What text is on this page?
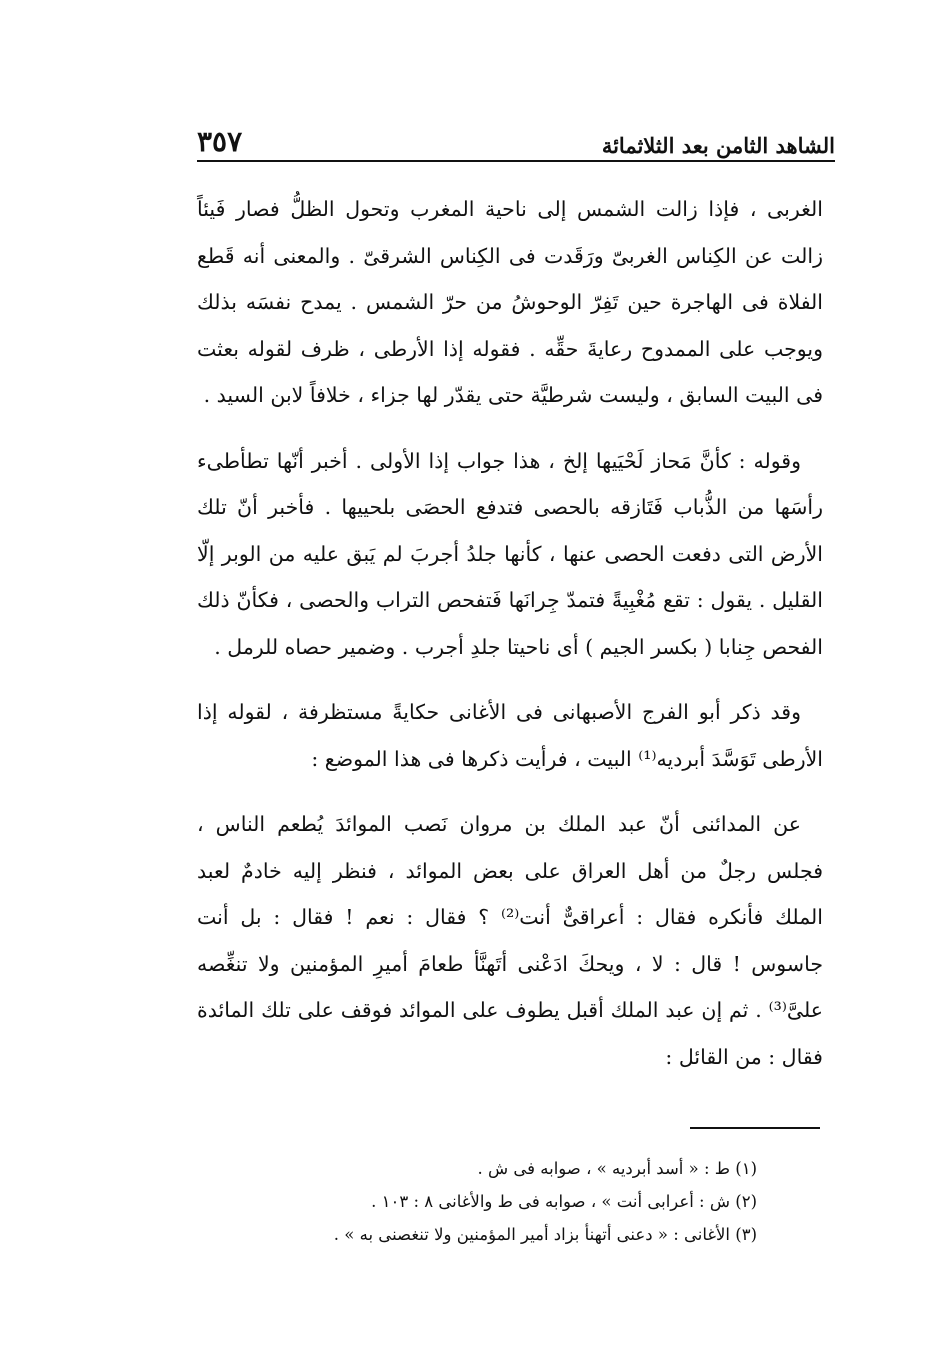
الشاهد الثامن بعد الثلاثمائة
٣٥٧

الغربى ، فإذا زالت الشمس إلى ناحية المغرب وتحول الظلُّ فصار فَيئاً زالت عن الكِناس الغربىّ ورَقَدت فى الكِناس الشرقىّ . والمعنى أنه قَطع الفلاة فى الهاجرة حين تَفِرّ الوحوشُ من حرّ الشمس . يمدح نفسَه بذلك ويوجب على الممدوح رعايةَ حقِّه . فقوله إذا الأرطى ، ظرف لقوله بعثت فى البيت السابق ، وليست شرطيَّة حتى يقدّر لها جزاء ، خلافاً لابن السيد .

وقوله : كأنَّ مَحاز لَحْيَيها إلخ ، هذا جواب إذا الأولى . أخبر أنّها تطأطىء رأسَها من الذُّباب فَتَازقه بالحصى فتدفع الحصَى بلحييها . فأخبر أنّ تلك الأرض التى دفعت الحصى عنها ، كأنها جلدُ أجربَ لم يَبق عليه من الوبر إلّا القليل . يقول : تقع مُغْبِيةً فتمدّ جِرانَها فَتفحص التراب والحصى ، فكأنّ ذلك الفحص جِنابا ( بكسر الجيم ) أى ناحيتا جلدِ أجرب . وضمير حصاه للرمل .

وقد ذكر أبو الفرج الأصبهانى فى الأغانى حكايةً مستظرفة ، لقوله إذا الأرطى تَوَسَّدَ أبرديه⁽¹⁾ البيت ، فرأيت ذكرها فى هذا الموضع :

عن المدائنى أنّ عبد الملك بن مروان نَصب الموائدَ يُطعم الناس ، فجلس رجلٌ من أهل العراق على بعض الموائد ، فنظر إليه خادمٌ لعبد الملك فأنكره فقال : أعراقىٌّ أنت⁽²⁾ ؟ فقال : نعم ! فقال : بل أنت جاسوس ! قال : لا ، ويحكَ ادَعْنى أتَهنَّأ طعامَ أميرِ المؤمنين ولا تنغِّصه علىَّ⁽³⁾ . ثم إن عبد الملك أقبل يطوف على الموائد فوقف على تلك المائدة فقال : من القائل :

(١) ط : « أسد أبرديه » ، صوابه فى ش .
(٢) ش : أعرابى أنت » ، صوابه فى ط والأغانى ٨ : ١٠٣ .
(٣) الأغانى : « دعنى أتهنأ بزاد أمير المؤمنين ولا تنغصنى به » .
